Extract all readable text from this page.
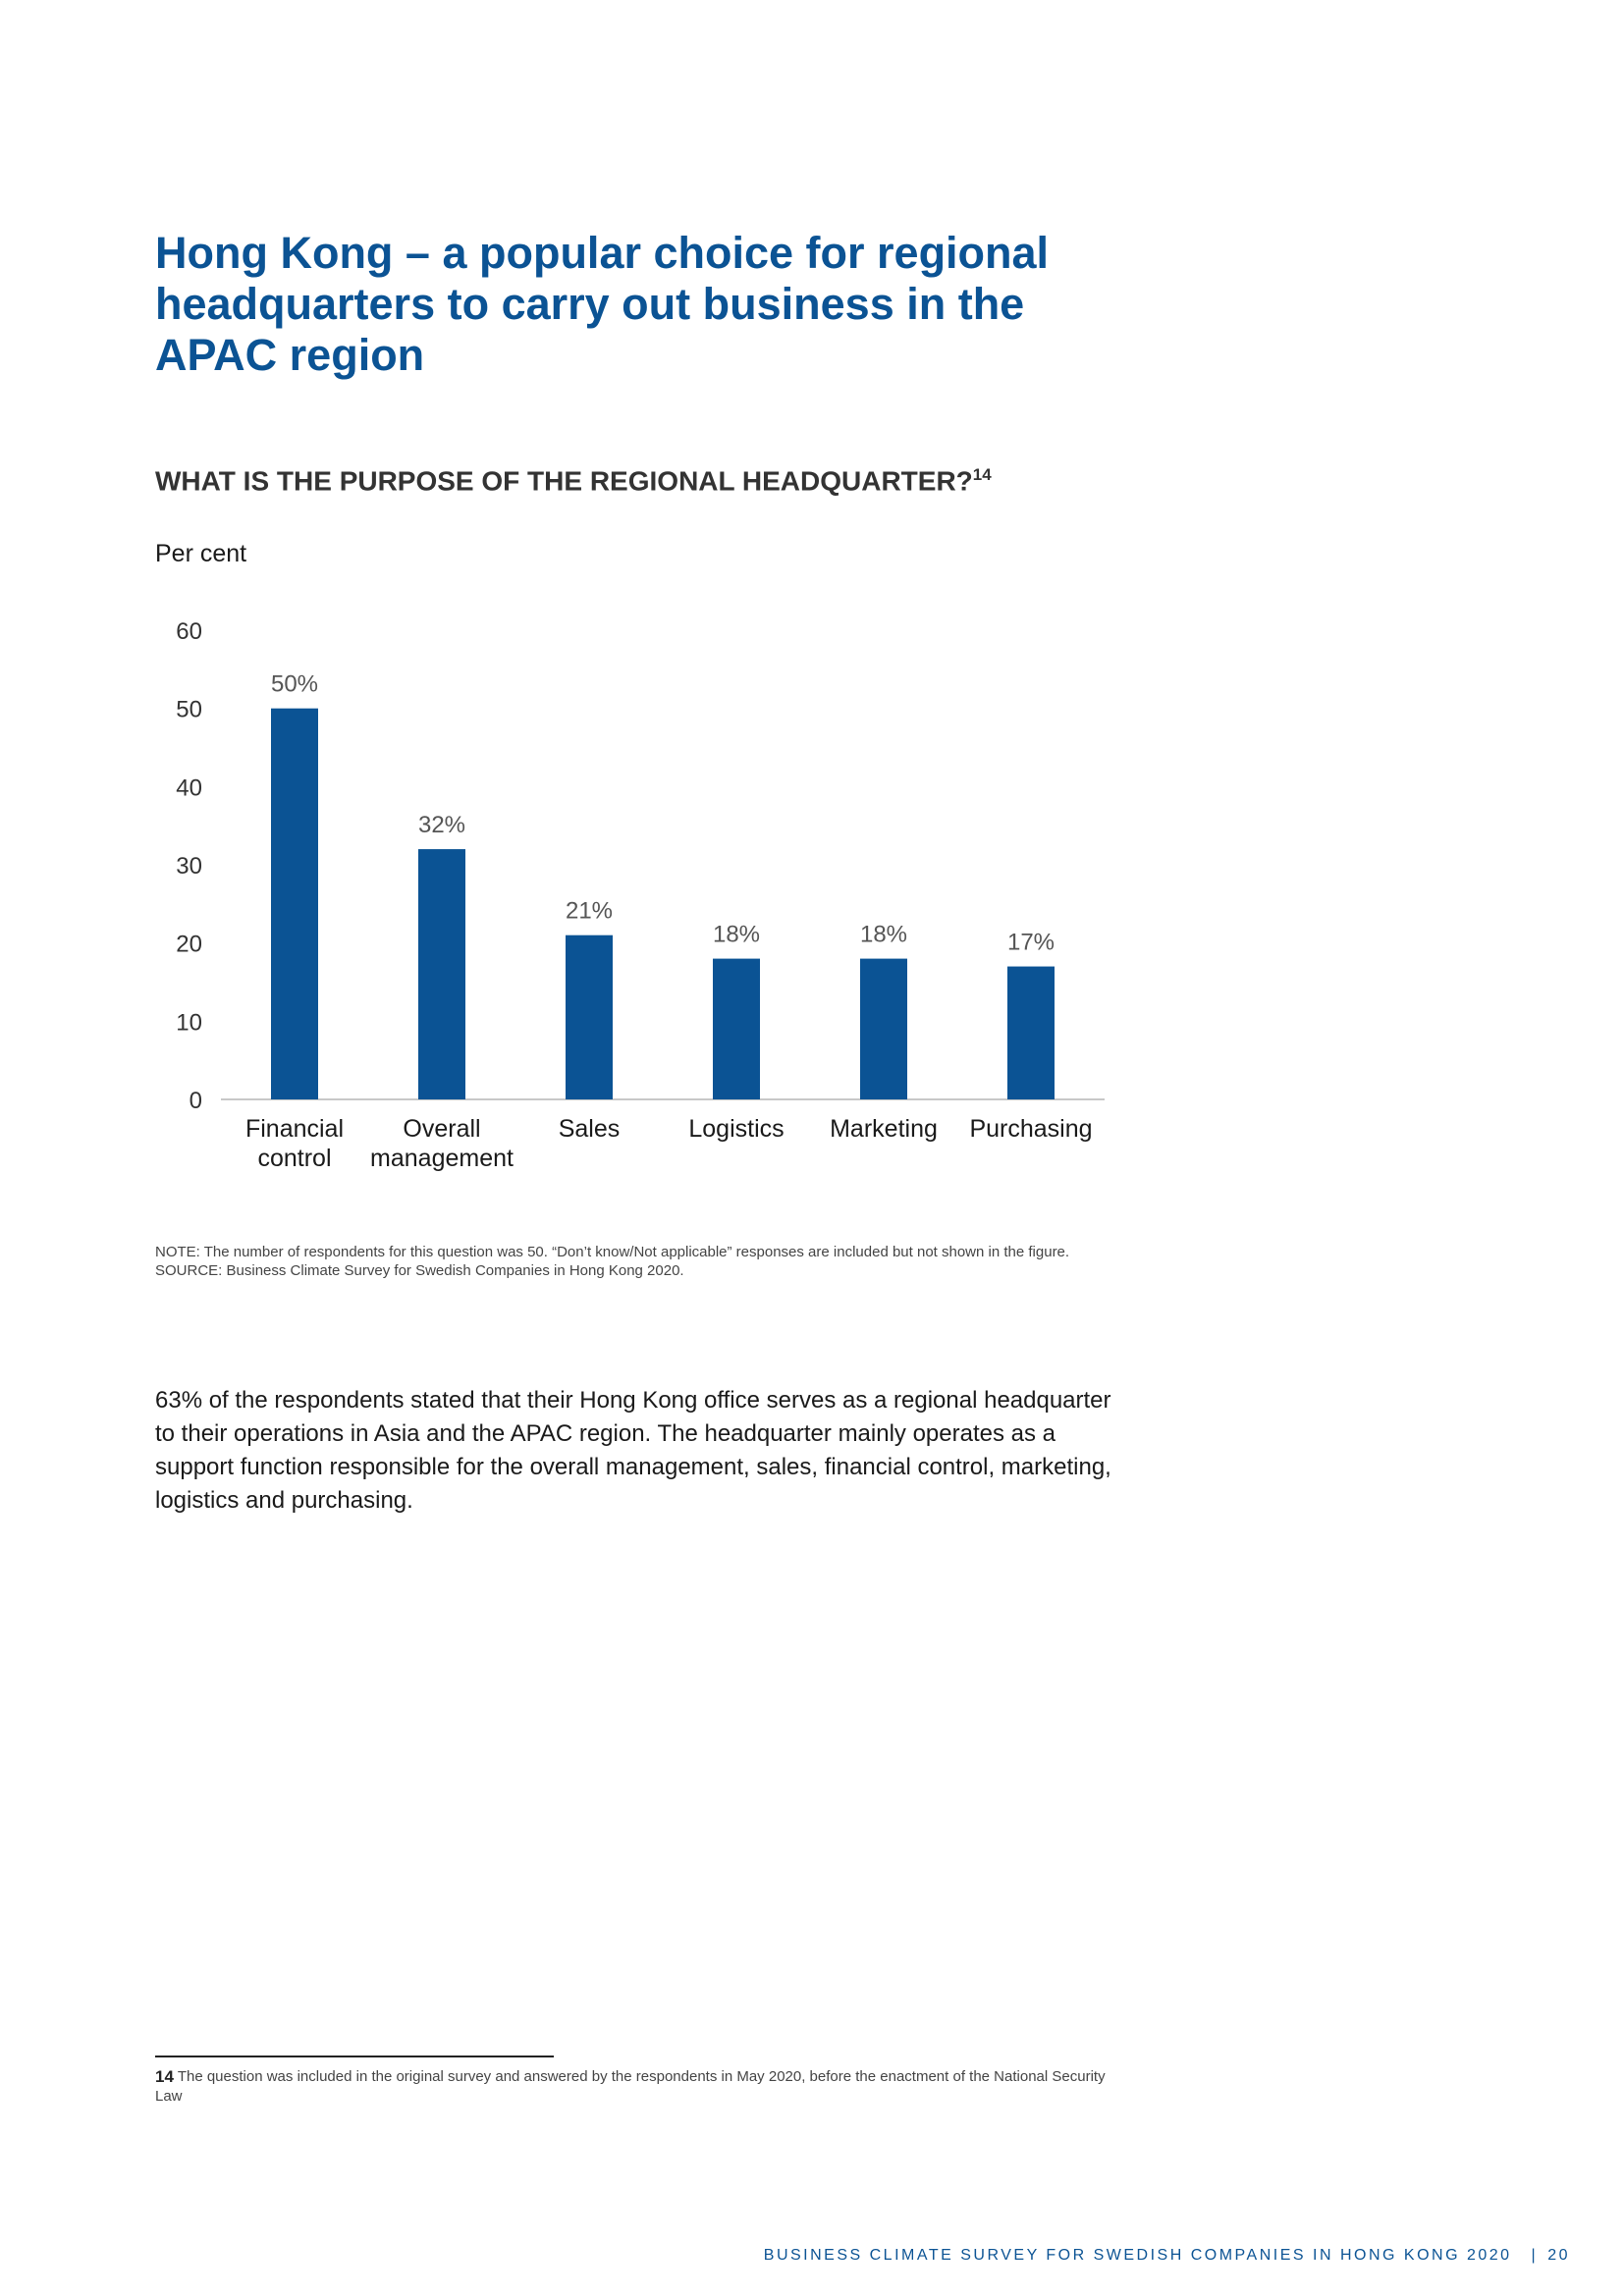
Hong Kong – a popular choice for regional headquarters to carry out business in the APAC region
WHAT IS THE PURPOSE OF THE REGIONAL HEADQUARTER?$^{14}$
Per cent
0
10
20
30
40
50
60
50%
Financial
control
32%
Overall
management
21%
Sales
18%
Logistics
18%
Marketing
17%
Purchasing

NOTE: The number of respondents for this question was 50. “Don’t know/Not applicable” responses are included but not shown in the figure.

SOURCE: Business Climate Survey for Swedish Companies in Hong Kong 2020.

63% of the respondents stated that their Hong Kong office serves as a regional headquarter to their operations in Asia and the APAC region. The headquarter mainly operates as a support function responsible for the overall management, sales, financial control, marketing, logistics and purchasing.

14 The question was included in the original survey and answered by the respondents in May 2020, before the enactment of the National Security Law
BUSINESS CLIMATE SURVEY FOR SWEDISH COMPANIES IN HONG KONG 2020 | 20
